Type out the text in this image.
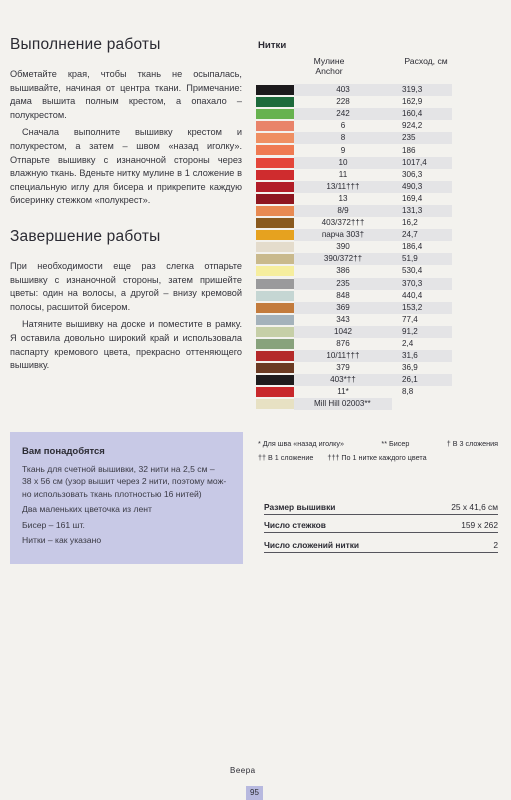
Выполнение работы

Обметайте края, чтобы ткань не осыпалась, вышивайте, начиная от центра ткани. Примечание: дама вышита полным крестом, а опахало – полукрестом.

Сначала выполните вышивку крестом и полукрестом, а затем – швом «назад иголку». Отпарьте вышивку с изнаночной стороны через влажную ткань. Вденьте нитку мулине в 1 сложение в специальную иглу для бисера и прикрепите каждую бисеринку стежком «полукрест».

Завершение работы

При необходимости еще раз слегка отпарьте вышивку с изнаночной стороны, затем пришейте цветы: один на волосы, а другой – внизу кремовой полосы, расшитой бисером.

Натяните вышивку на доске и поместите в рамку. Я оставила довольно широкий край и использовала паспарту кремового цвета, прекрасно оттеняющего вышивку.

Вам понадобятся
Ткань для счетной вышивки, 32 нити на 2,5 см –
38 x 56 см (узор вышит через 2 нити, поэтому мож-
но использовать ткань плотностью 16 нитей)
Два маленьких цветочка из лент
Бисер – 161 шт.
Нитки – как указано
Нитки
Мулине Anchor
Расход, см
403	319,3
228	162,9
242	160,4
6	924,2
8	235
9	186
10	1017,4
11	306,3
13/11†††	490,3
13	169,4
8/9	131,3
403/372†††	16,2
парча 303†	24,7
390	186,4
390/372††	51,9
386	530,4
235	370,3
848	440,4
369	153,2
343	77,4
1042	91,2
876	2,4
10/11†††	31,6
379	36,9
403*††	26,1
11*	8,8
Mill Hill 02003**
* Для шва «назад иголку»	** Бисер	† В 3 сложения
†† В 1 сложение ††† По 1 нитке каждого цвета
Размер вышивки	25 x 41,6 см
Число стежков	159 x 262
Число сложений нитки	2
Веера
95
